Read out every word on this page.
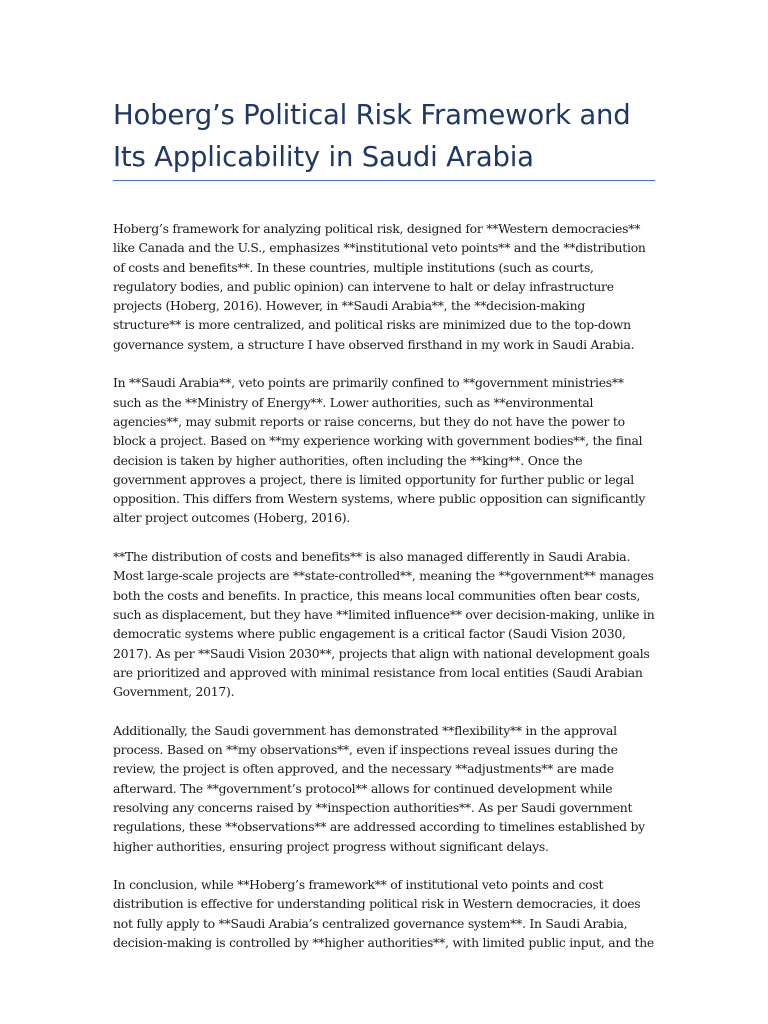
Hoberg’s Political Risk Framework and
Its Applicability in Saudi Arabia

Hoberg’s framework for analyzing political risk, designed for **Western democracies** like Canada and the U.S., emphasizes **institutional veto points** and the **distribution of costs and benefits**. In these countries, multiple institutions (such as courts, regulatory bodies, and public opinion) can intervene to halt or delay infrastructure projects (Hoberg, 2016). However, in **Saudi Arabia**, the **decision-making structure** is more centralized, and political risks are minimized due to the top-down governance system, a structure I have observed firsthand in my work in Saudi Arabia.

In **Saudi Arabia**, veto points are primarily confined to **government ministries** such as the **Ministry of Energy**. Lower authorities, such as **environmental agencies**, may submit reports or raise concerns, but they do not have the power to block a project. Based on **my experience working with government bodies**, the final decision is taken by higher authorities, often including the **king**. Once the government approves a project, there is limited opportunity for further public or legal opposition. This differs from Western systems, where public opposition can significantly alter project outcomes (Hoberg, 2016).

**The distribution of costs and benefits** is also managed differently in Saudi Arabia. Most large-scale projects are **state-controlled**, meaning the **government** manages both the costs and benefits. In practice, this means local communities often bear costs, such as displacement, but they have **limited influence** over decision-making, unlike in democratic systems where public engagement is a critical factor (Saudi Vision 2030, 2017). As per **Saudi Vision 2030**, projects that align with national development goals are prioritized and approved with minimal resistance from local entities (Saudi Arabian Government, 2017).

Additionally, the Saudi government has demonstrated **flexibility** in the approval process. Based on **my observations**, even if inspections reveal issues during the review, the project is often approved, and the necessary **adjustments** are made afterward. The **government’s protocol** allows for continued development while resolving any concerns raised by **inspection authorities**. As per Saudi government regulations, these **observations** are addressed according to timelines established by higher authorities, ensuring project progress without significant delays.

In conclusion, while **Hoberg’s framework** of institutional veto points and cost distribution is effective for understanding political risk in Western democracies, it does not fully apply to **Saudi Arabia’s centralized governance system**. In Saudi Arabia, decision-making is controlled by **higher authorities**, with limited public input, and the
